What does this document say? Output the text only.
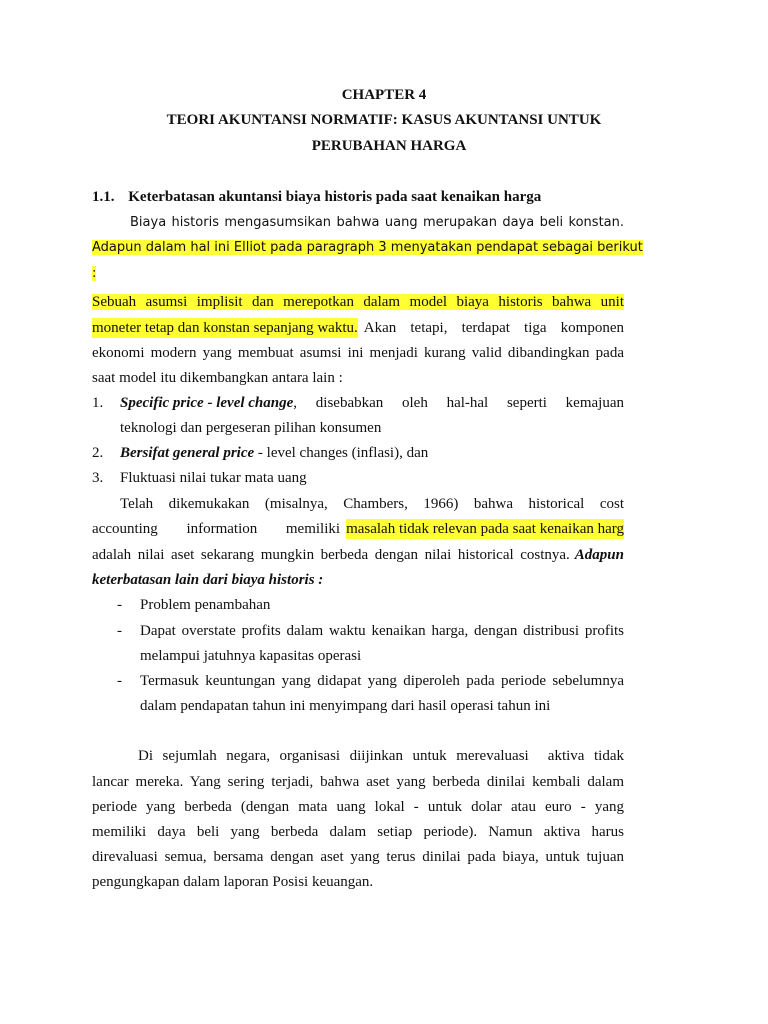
CHAPTER 4
TEORI AKUNTANSI NORMATIF: KASUS AKUNTANSI UNTUK
PERUBAHAN HARGA
1.1. Keterbatasan akuntansi biaya historis pada saat kenaikan harga
Biaya historis mengasumsikan bahwa uang merupakan daya beli konstan.
Adapun dalam hal ini Elliot pada paragraph 3 menyatakan pendapat sebagai berikut
:
Sebuah asumsi implisit dan merepotkan dalam model biaya historis bahwa unit
moneter tetap dan konstan sepanjang waktu. Akan tetapi, terdapat tiga komponen
ekonomi modern yang membuat asumsi ini menjadi kurang valid dibandingkan pada
saat model itu dikembangkan antara lain :
1. Specific price - level change , disebabkan oleh hal-hal seperti kemajuan
teknologi dan pergeseran pilihan konsumen
2. Bersifat general price - level changes (inflasi), dan
3. Fluktuasi nilai tukar mata uang
Telah dikemukakan (misalnya, Chambers, 1966) bahwa historical cost
accounting information memiliki masalah tidak relevan pada saat kenaikan harg
adalah nilai aset sekarang mungkin berbeda dengan nilai historical costnya. Adapun
keterbatasan lain dari biaya historis :
- Problem penambahan
- Dapat overstate profits dalam waktu kenaikan harga, dengan distribusi profits
melampui jatuhnya kapasitas operasi
- Termasuk keuntungan yang didapat yang diperoleh pada periode sebelumnya
dalam pendapatan tahun ini menyimpang dari hasil operasi tahun ini
Di sejumlah negara, organisasi diijinkan untuk merevaluasi  aktiva tidak
lancar mereka. Yang sering terjadi, bahwa aset yang berbeda dinilai kembali dalam
periode yang berbeda (dengan mata uang lokal - untuk dolar atau euro - yang
memiliki daya beli yang berbeda dalam setiap periode). Namun aktiva harus
direvaluasi semua, bersama dengan aset yang terus dinilai pada biaya, untuk tujuan
pengungkapan dalam laporan Posisi keuangan.
